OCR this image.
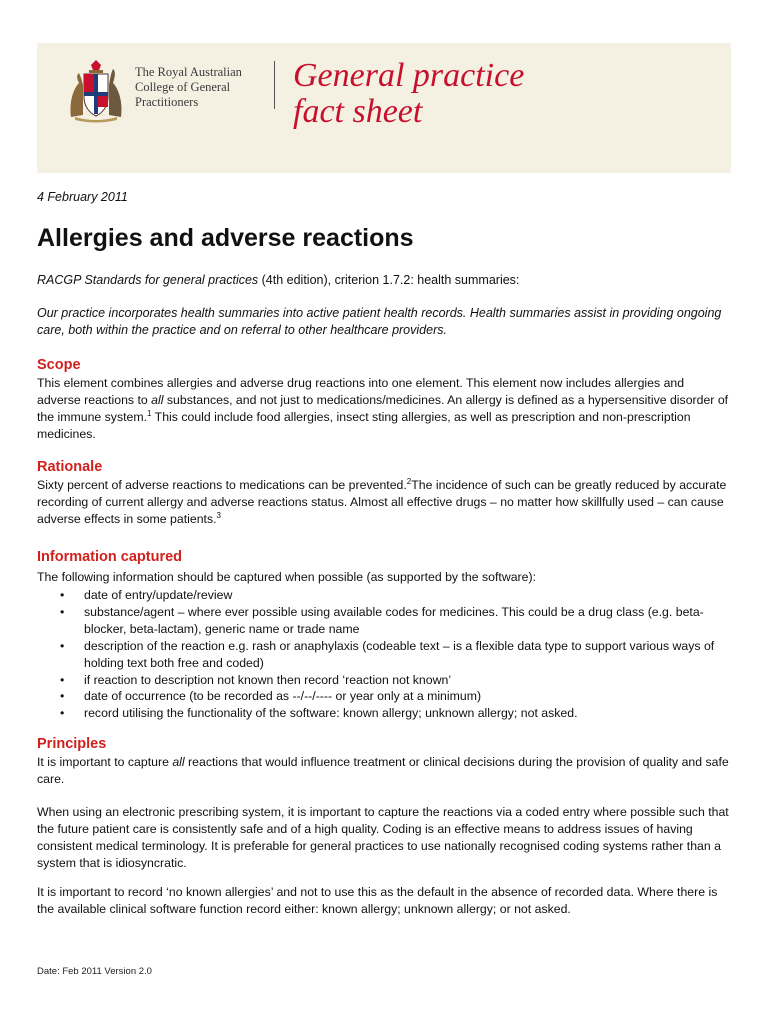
The Royal Australian
College of General
Practitioners
General practice
fact sheet
4 February 2011
Allergies and adverse reactions
RACGP Standards for general practices (4th edition), criterion 1.7.2: health summaries:
Our practice incorporates health summaries into active patient health records. Health summaries assist in providing ongoing care, both within the practice and on referral to other healthcare providers.
Scope
This element combines allergies and adverse drug reactions into one element. This element now includes allergies and adverse reactions to all substances, and not just to medications/medicines. An allergy is defined as a hypersensitive disorder of the immune system.$^1$ This could include food allergies, insect sting allergies, as well as prescription and non-prescription medicines.
Rationale
Sixty percent of adverse reactions to medications can be prevented.$^2$The incidence of such can be greatly reduced by accurate recording of current allergy and adverse reactions status. Almost all effective drugs – no matter how skillfully used – can cause adverse effects in some patients.$^3$
Information captured
The following information should be captured when possible (as supported by the software):
• date of entry/update/review
• substance/agent – where ever possible using available codes for medicines. This could be a drug class (e.g. beta-blocker, beta-lactam), generic name or trade name
• description of the reaction e.g. rash or anaphylaxis (codeable text – is a flexible data type to support various ways of holding text both free and coded)
• if reaction to description not known then record ‘reaction not known’
• date of occurrence (to be recorded as --/--/---- or year only at a minimum)
• record utilising the functionality of the software: known allergy; unknown allergy; not asked.
Principles
It is important to capture all reactions that would influence treatment or clinical decisions during the provision of quality and safe care.
When using an electronic prescribing system, it is important to capture the reactions via a coded entry where possible such that the future patient care is consistently safe and of a high quality. Coding is an effective means to address issues of having consistent medical terminology. It is preferable for general practices to use nationally recognised coding systems rather than a system that is idiosyncratic.
It is important to record ‘no known allergies’ and not to use this as the default in the absence of recorded data. Where there is the available clinical software function record either: known allergy; unknown allergy; or not asked.
Date: Feb 2011 Version 2.0
